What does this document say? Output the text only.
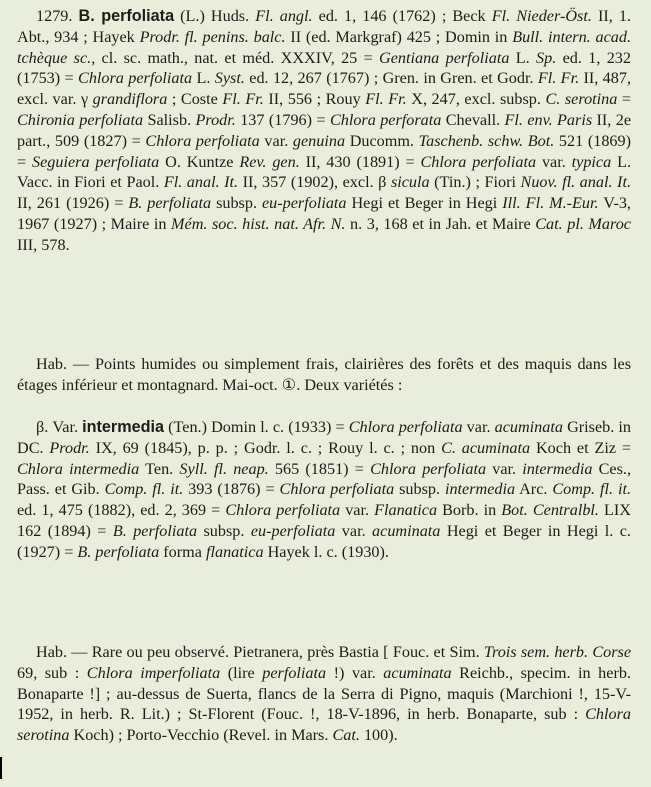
1279. B. perfoliata (L.) Huds. Fl. angl. ed. 1, 146 (1762) ; Beck Fl. Nieder-Öst. II, 1. Abt., 934 ; Hayek Prodr. fl. penins. balc. II (ed. Markgraf) 425 ; Domin in Bull. intern. acad. tchèque sc., cl. sc. math., nat. et méd. XXXIV, 25 = Gentiana perfoliata L. Sp. ed. 1, 232 (1753) = Chlora perfoliata L. Syst. ed. 12, 267 (1767) ; Gren. in Gren. et Godr. Fl. Fr. II, 487, excl. var. γ grandiflora ; Coste Fl. Fr. II, 556 ; Rouy Fl. Fr. X, 247, excl. subsp. C. serotina = Chironia perfoliata Salisb. Prodr. 137 (1796) = Chlora perforata Chevall. Fl. env. Paris II, 2e part., 509 (1827) = Chlora perfoliata var. genuina Ducomm. Taschenb. schw. Bot. 521 (1869) = Seguiera perfoliata O. Kuntze Rev. gen. II, 430 (1891) = Chlora perfoliata var. typica L. Vacc. in Fiori et Paol. Fl. anal. It. II, 357 (1902), excl. β sicula (Tin.) ; Fiori Nuov. fl. anal. It. II, 261 (1926) = B. perfoliata subsp. eu-perfoliata Hegi et Beger in Hegi Ill. Fl. M.-Eur. V-3, 1967 (1927) ; Maire in Mém. soc. hist. nat. Afr. N. n. 3, 168 et in Jah. et Maire Cat. pl. Maroc III, 578.

Hab. — Points humides ou simplement frais, clairières des forêts et des maquis dans les étages inférieur et montagnard. Mai-oct. ①. Deux variétés :

β. Var. intermedia (Ten.) Domin l. c. (1933) = Chlora perfoliata var. acuminata Griseb. in DC. Prodr. IX, 69 (1845), p. p. ; Godr. l. c. ; Rouy l. c. ; non C. acuminata Koch et Ziz = Chlora intermedia Ten. Syll. fl. neap. 565 (1851) = Chlora perfoliata var. intermedia Ces., Pass. et Gib. Comp. fl. it. 393 (1876) = Chlora perfoliata subsp. intermedia Arc. Comp. fl. it. ed. 1, 475 (1882), ed. 2, 369 = Chlora perfoliata var. Flanatica Borb. in Bot. Centralbl. LIX 162 (1894) = B. perfoliata subsp. eu-perfoliata var. acuminata Hegi et Beger in Hegi l. c. (1927) = B. perfoliata forma flanatica Hayek l. c. (1930).

Hab. — Rare ou peu observé. Pietranera, près Bastia [ Fouc. et Sim. Trois sem. herb. Corse 69, sub : Chlora imperfoliata (lire perfoliata !) var. acuminata Reichb., specim. in herb. Bonaparte !] ; au-dessus de Suerta, flancs de la Serra di Pigno, maquis (Marchioni !, 15-V-1952, in herb. R. Lit.) ; St-Florent (Fouc. !, 18-V-1896, in herb. Bonaparte, sub : Chlora serotina Koch) ; Porto-Vecchio (Revel. in Mars. Cat. 100).
